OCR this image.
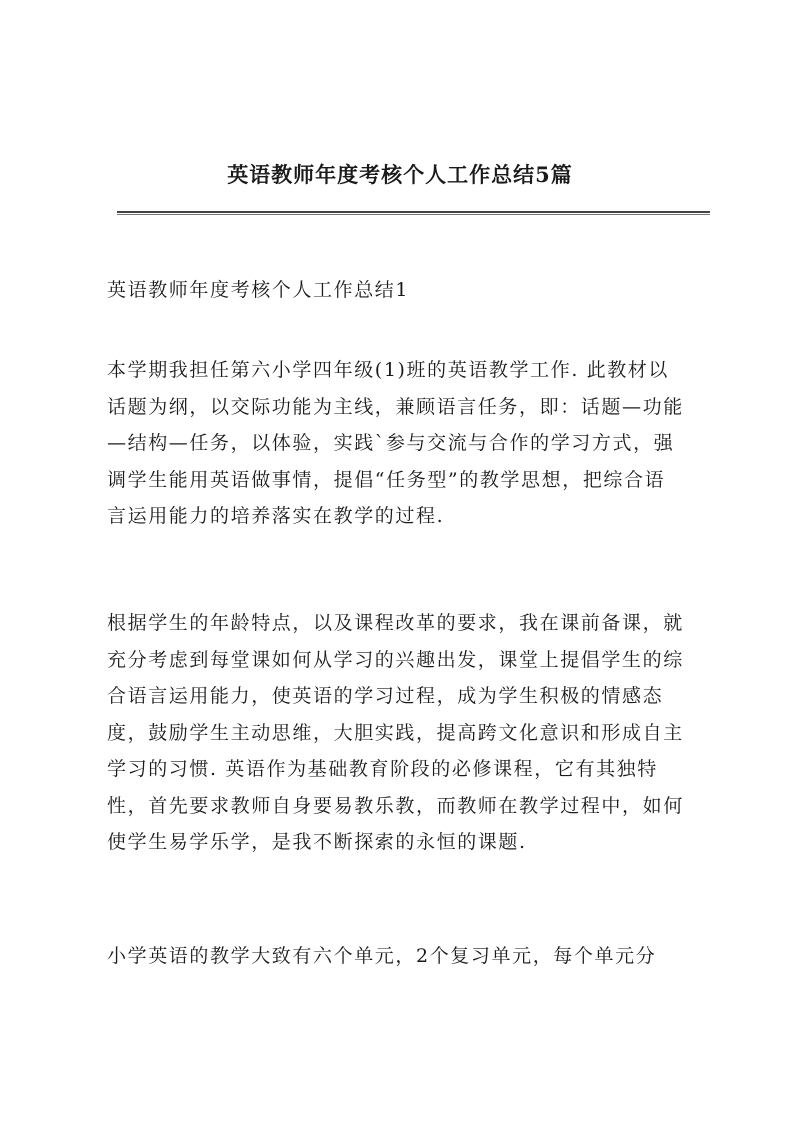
英语教师年度考核个人工作总结5篇

英语教师年度考核个人工作总结1

本学期我担任第六小学四年级(1)班的英语教学工作. 此教材以
话题为纲，以交际功能为主线，兼顾语言任务，即：话题—功能
—结构—任务，以体验，实践`参与交流与合作的学习方式，强
调学生能用英语做事情，提倡“任务型”的教学思想，把综合语
言运用能力的培养落实在教学的过程.

根据学生的年龄特点，以及课程改革的要求，我在课前备课，就
充分考虑到每堂课如何从学习的兴趣出发，课堂上提倡学生的综
合语言运用能力，使英语的学习过程，成为学生积极的情感态
度，鼓励学生主动思维，大胆实践，提高跨文化意识和形成自主
学习的习惯. 英语作为基础教育阶段的必修课程，它有其独特
性，首先要求教师自身要易教乐教，而教师在教学过程中，如何
使学生易学乐学，是我不断探索的永恒的课题.

小学英语的教学大致有六个单元，2个复习单元，每个单元分
